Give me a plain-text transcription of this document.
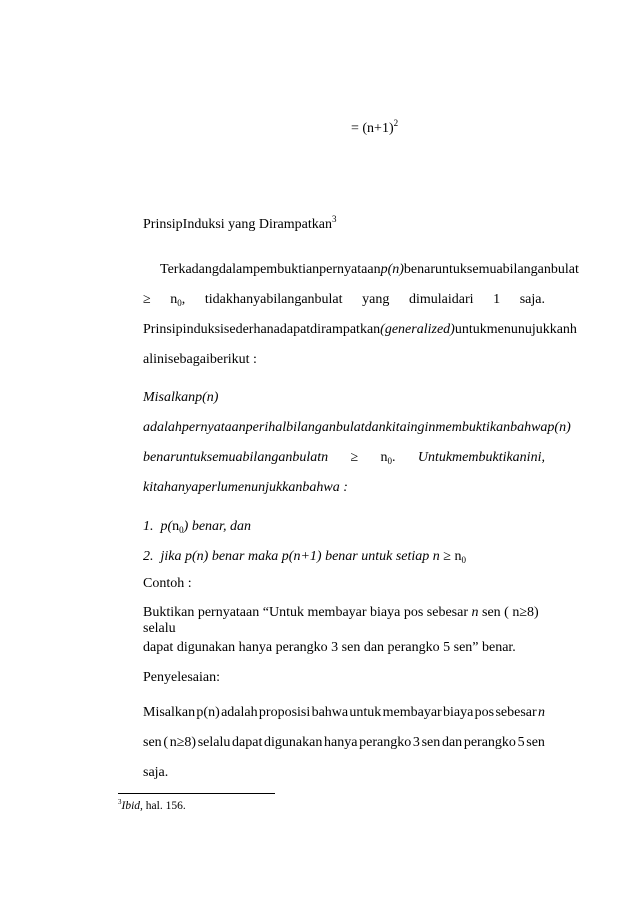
= $(n+1)^2$
PrinsipInduksi yang Dirampatkan$^3$
Terkadangdalampembuktianpernyataanp(n)benaruntuksemuabilanganbulat
≥ $n_0$, tidakhanyabilanganbulat yang dimulaidari 1 saja.
Prinsipinduksisederhanadapatdirampatkan(generalized)untukmenunujukkanh
alinisebagaiberikut :
Misalkanp(n)
adalahpernyataanperihalbilanganbulatdankitainginmembuktikanbahwa p(n)
benaruntuksemuabilanganbulatn ≥ $n_0$. Untukmembuktikanini,
kitahanyaperlumenunjukkanbahwa :
1. $p(n_0)$ benar, dan
2. jika p(n) benar maka p(n+1) benar untuk setiap $n \ge n_0$
Contoh :
Buktikan pernyataan “Untuk membayar biaya pos sebesar n sen ( n≥8) selalu
dapat digunakan hanya perangko 3 sen dan perangko 5 sen” benar.
Penyelesaian:
Misalkan p(n) adalah proposisi bahwa untuk membayar biaya pos sebesar n
sen ( n≥8) selalu dapat digunakan hanya perangko 3 sen dan perangko 5 sen
saja.
$^3$Ibid, hal. 156.
